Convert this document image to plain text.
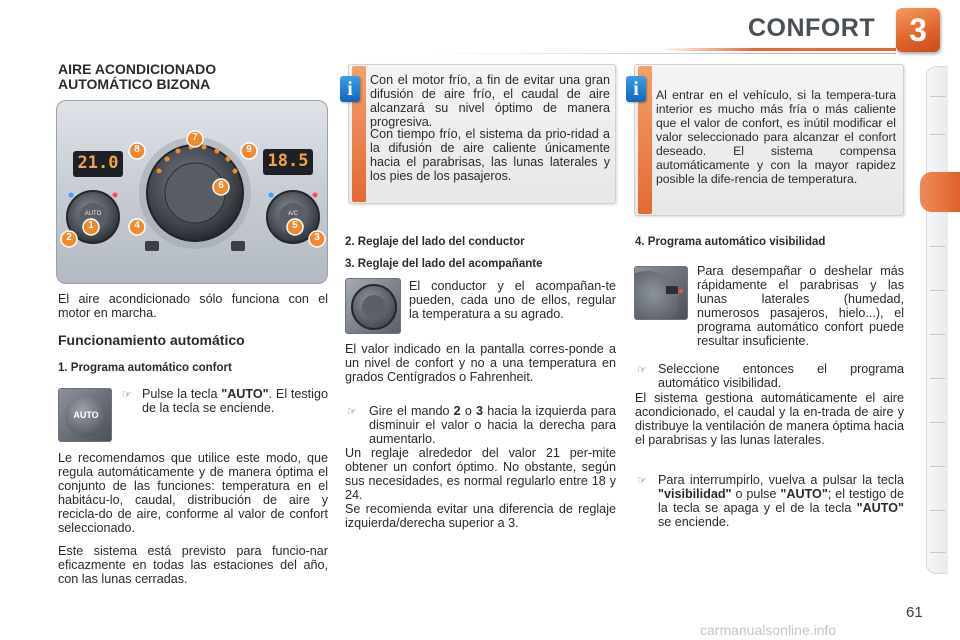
CONFORT	3
AIRE ACONDICIONADO AUTOMÁTICO BIZONA
21.0	18.5
AUTO	A/C
1
2	3
4	5
6
7
8	9
El aire acondicionado sólo funciona con el motor en marcha.
Funcionamiento automático
1. Programa automático confort
AUTO
☞ Pulse la tecla "AUTO". El testigo de la tecla se enciende.
Le recomendamos que utilice este modo, que regula automáticamente y de manera óptima el conjunto de las funciones: temperatura en el habitácu-lo, caudal, distribución de aire y recicla-do de aire, conforme al valor de confort seleccionado.
Este sistema está previsto para funcio-nar eficazmente en todas las estaciones del año, con las lunas cerradas.
i	Con el motor frío, a fin de evitar una gran difusión de aire frío, el caudal de aire alcanzará su nivel óptimo de manera progresiva.
Con tiempo frío, el sistema da prio-ridad a la difusión de aire caliente únicamente hacia el parabrisas, las lunas laterales y los pies de los pasajeros.
i	Al entrar en el vehículo, si la tempera-tura interior es mucho más fría o más caliente que el valor de confort, es inútil modificar el valor seleccionado para alcanzar el confort deseado. El sistema compensa automáticamente y con la mayor rapidez posible la dife-rencia de temperatura.
2. Reglaje del lado del conductor
3. Reglaje del lado del acompañante
El conductor y el acompañan-te pueden, cada uno de ellos, regular la temperatura a su agrado.
El valor indicado en la pantalla corres-ponde a un nivel de confort y no a una temperatura en grados Centígrados o Fahrenheit.
☞ Gire el mando 2 o 3 hacia la izquierda para disminuir el valor o hacia la derecha para aumentarlo.
Un reglaje alrededor del valor 21 per-mite obtener un confort óptimo. No obstante, según sus necesidades, es normal regularlo entre 18 y 24.
Se recomienda evitar una diferencia de reglaje izquierda/derecha superior a 3.
4. Programa automático visibilidad
Para desempañar o deshelar más rápidamente el parabrisas y las lunas laterales (humedad, numerosos pasajeros, hielo...), el programa automático confort puede resultar insuficiente.
☞ Seleccione entonces el programa automático visibilidad.
El sistema gestiona automáticamente el aire acondicionado, el caudal y la en-trada de aire y distribuye la ventilación de manera óptima hacia el parabrisas y las lunas laterales.
☞ Para interrumpirlo, vuelva a pulsar la tecla "visibilidad" o pulse "AUTO"; el testigo de la tecla se apaga y el de la tecla "AUTO" se enciende.
61
carmanualsonline.info
